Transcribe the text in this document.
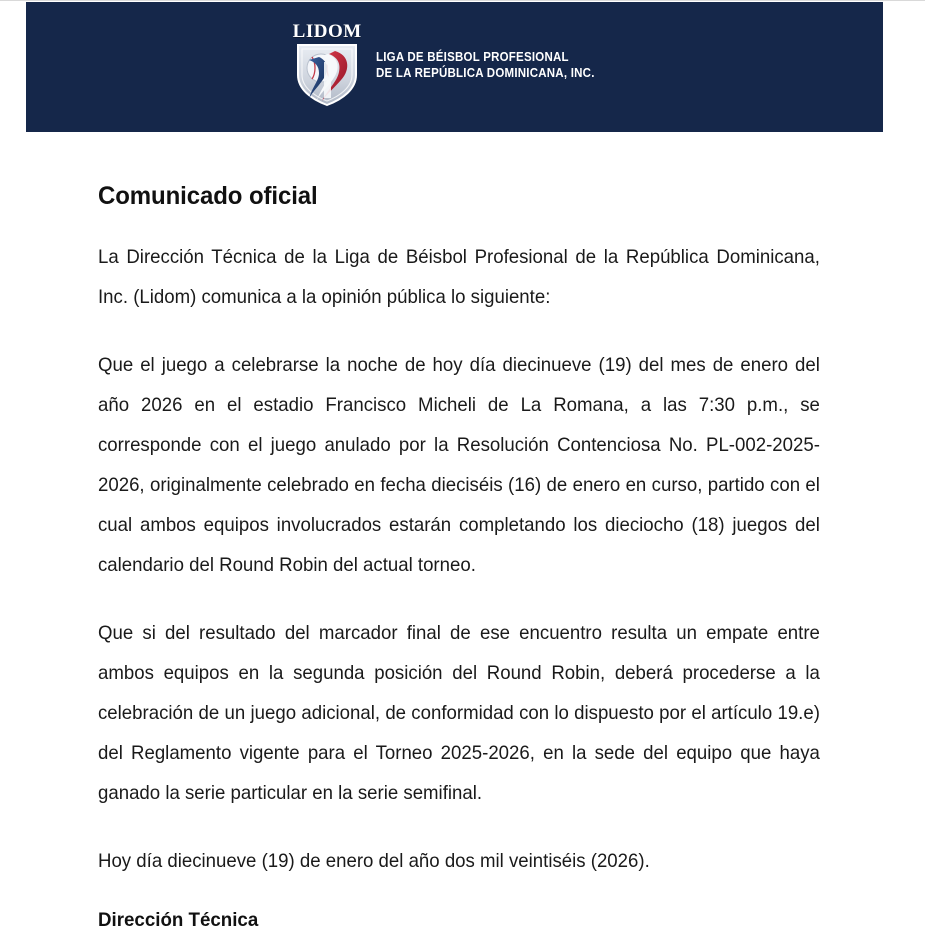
LIDOM
LIGA DE BÉISBOL PROFESIONAL
DE LA REPÚBLICA DOMINICANA, INC.
Comunicado oficial

La Dirección Técnica de la Liga de Béisbol Profesional de la República Dominicana, Inc. (Lidom) comunica a la opinión pública lo siguiente:

Que el juego a celebrarse la noche de hoy día diecinueve (19) del mes de enero del año 2026 en el estadio Francisco Micheli de La Romana, a las 7:30 p.m., se corresponde con el juego anulado por la Resolución Contenciosa No. PL-002-2025-2026, originalmente celebrado en fecha dieciséis (16) de enero en curso, partido con el cual ambos equipos involucrados estarán completando los dieciocho (18) juegos del calendario del Round Robin del actual torneo.

Que si del resultado del marcador final de ese encuentro resulta un empate entre ambos equipos en la segunda posición del Round Robin, deberá procederse a la celebración de un juego adicional, de conformidad con lo dispuesto por el artículo 19.e) del Reglamento vigente para el Torneo 2025-2026, en la sede del equipo que haya ganado la serie particular en la serie semifinal.

Hoy día diecinueve (19) de enero del año dos mil veintiséis (2026).

Dirección Técnica
